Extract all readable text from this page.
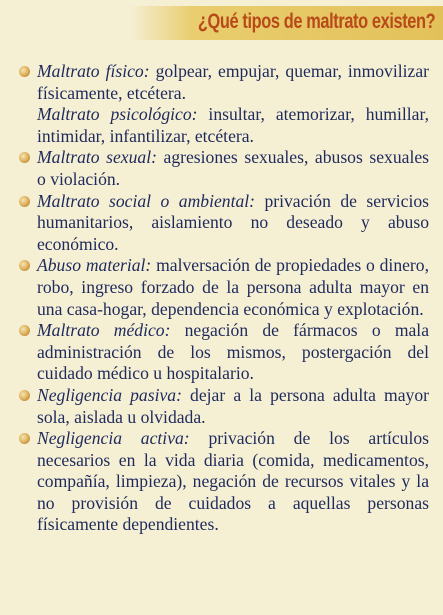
¿Qué tipos de maltrato existen?

Maltrato físico: golpear, empujar, quemar, inmovilizar físicamente, etcétera.

Maltrato psicológico: insultar, atemorizar, humillar, intimidar, infantilizar, etcétera.

Maltrato sexual: agresiones sexuales, abusos sexuales o violación.

Maltrato social o ambiental: privación de servicios humanitarios, aislamiento no deseado y abuso económico.

Abuso material: malversación de propiedades o dinero, robo, ingreso forzado de la persona adulta mayor en una casa-hogar, dependencia económica y explotación.

Maltrato médico: negación de fármacos o mala administración de los mismos, postergación del cuidado médico u hospitalario.

Negligencia pasiva: dejar a la persona adulta mayor sola, aislada u olvidada.

Negligencia activa: privación de los artículos necesarios en la vida diaria (comida, medicamentos, compañía, limpieza), negación de recursos vitales y la no provisión de cuidados a aquellas personas físicamente dependientes.
